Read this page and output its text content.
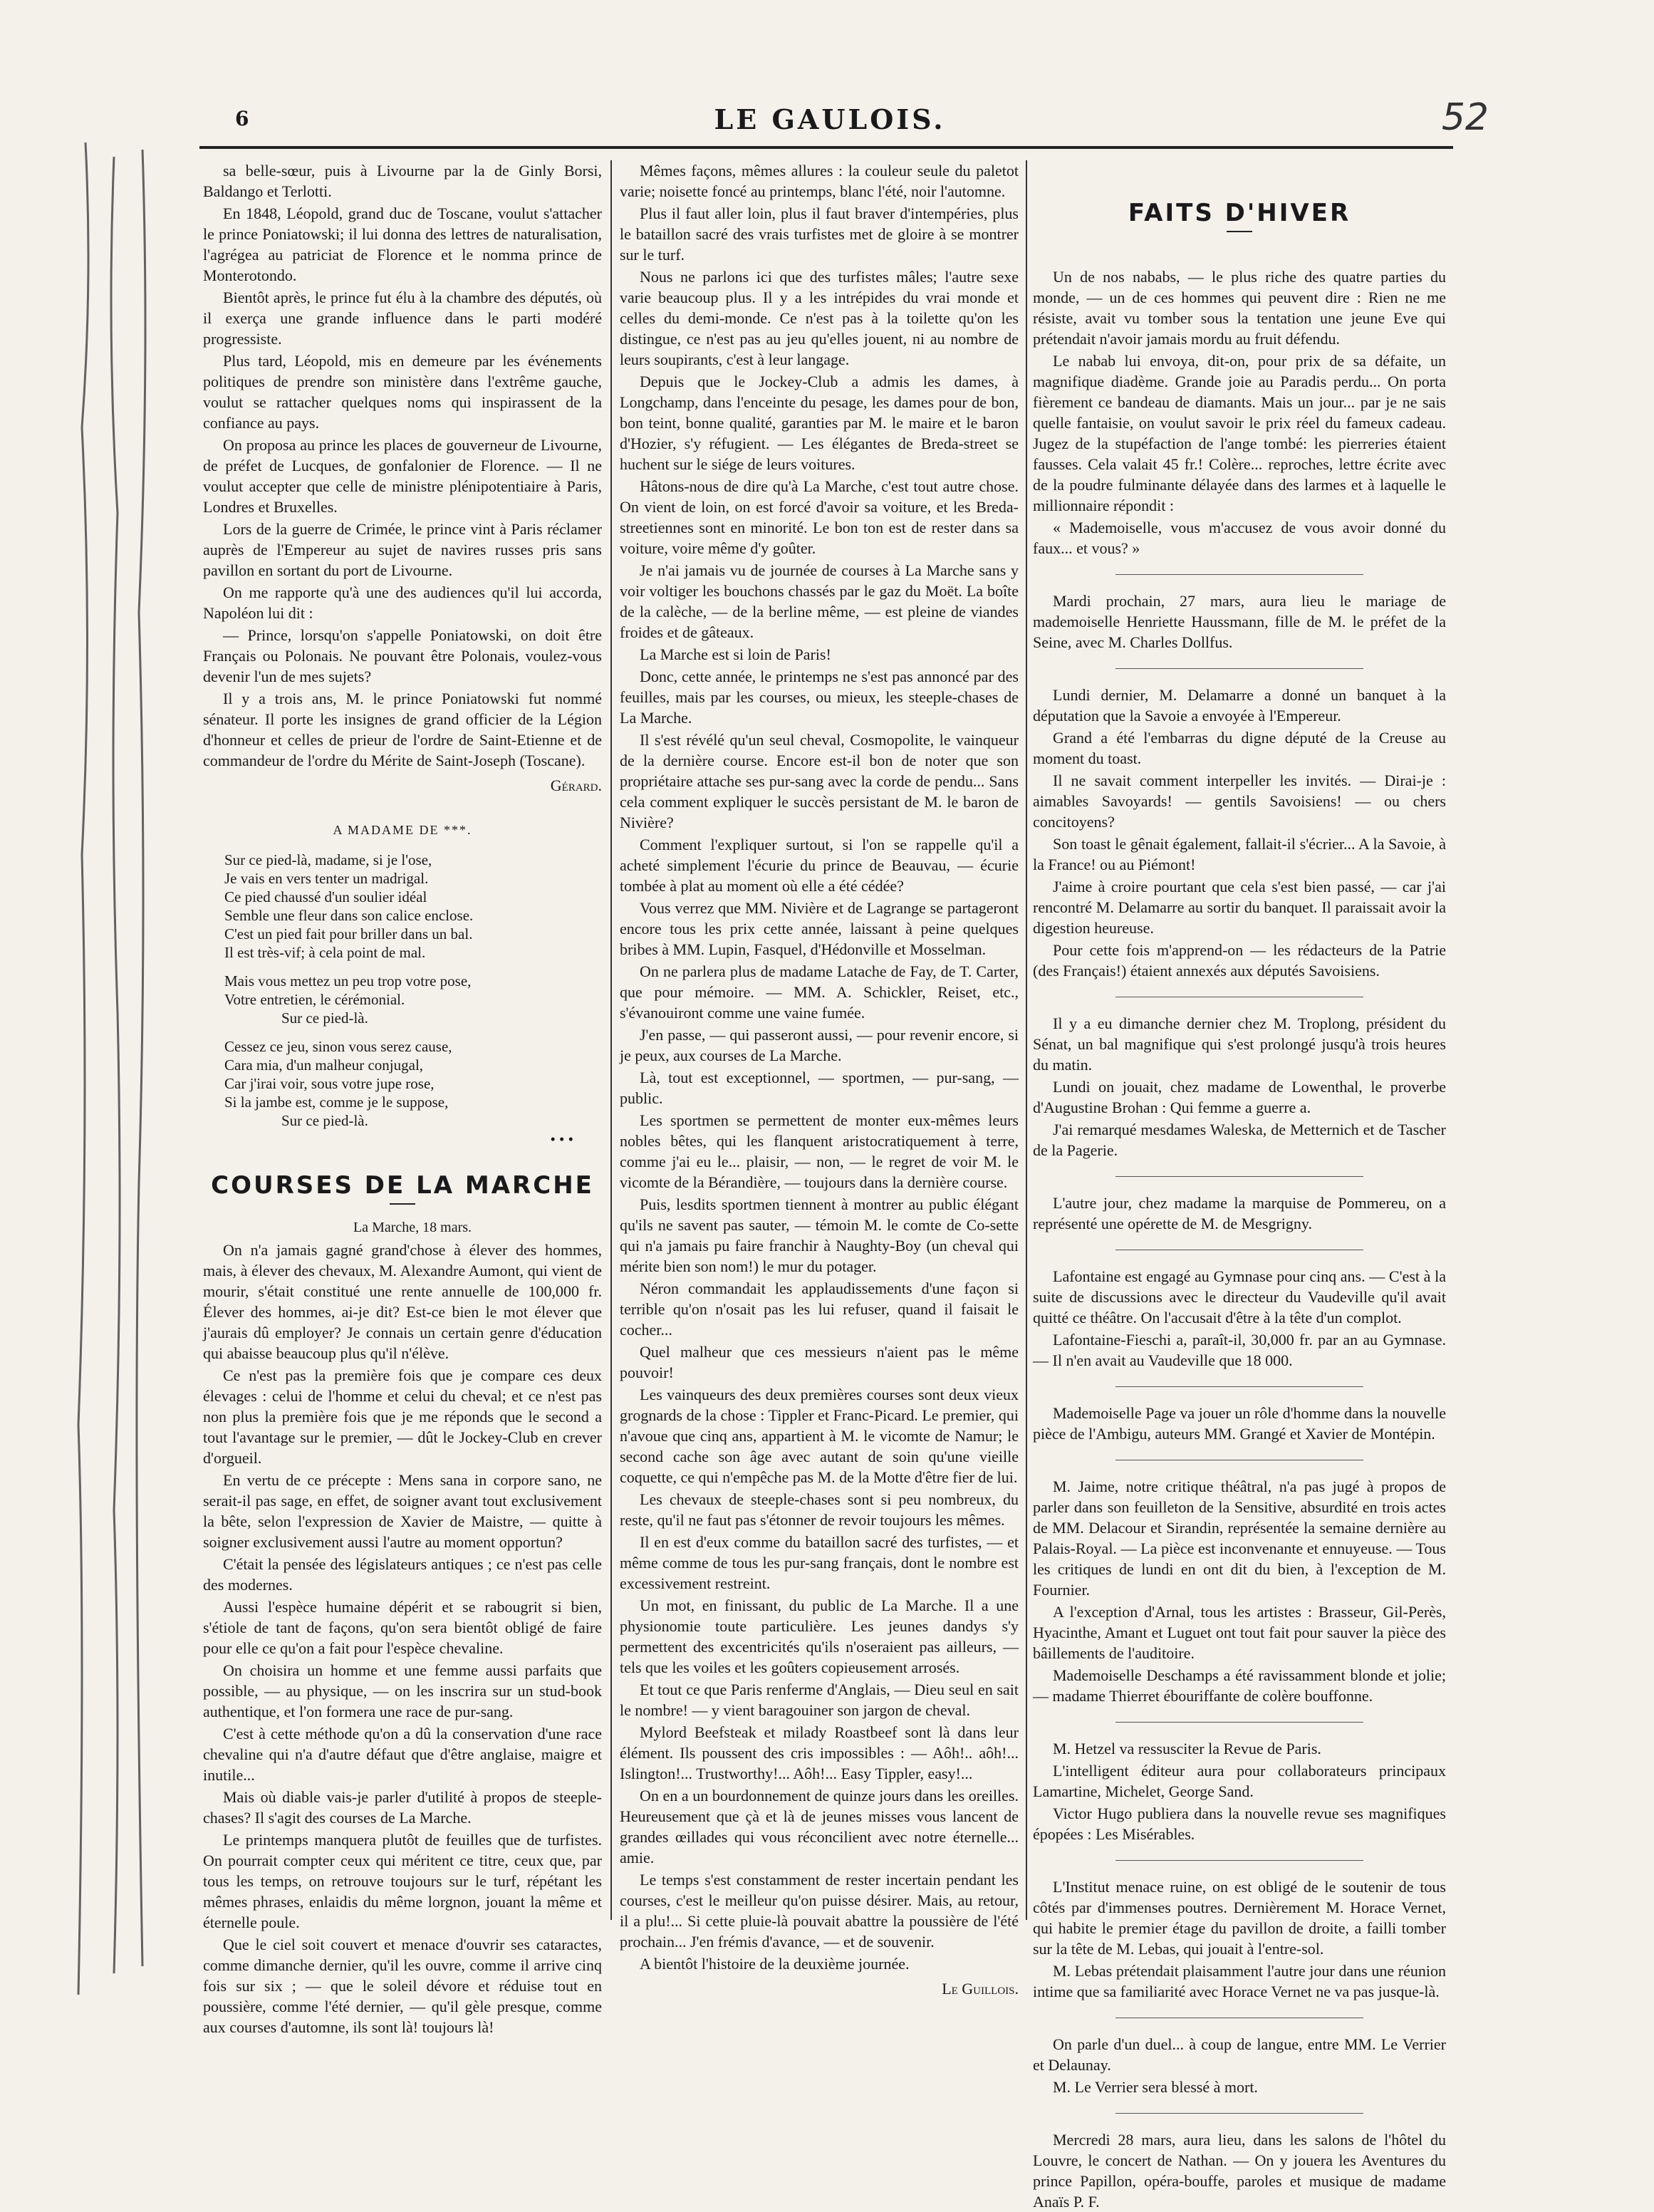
6	LE GAULOIS.	52

sa belle-sœur, puis à Livourne par la de Ginly Borsi, Baldango et Terlotti.

En 1848, Léopold, grand duc de Toscane, voulut s'attacher le prince Poniatowski; il lui donna des lettres de naturalisation, l'agrégea au patriciat de Florence et le nomma prince de Monterotondo.

Bientôt après, le prince fut élu à la chambre des députés, où il exerça une grande influence dans le parti modéré progressiste.

Plus tard, Léopold, mis en demeure par les événements politiques de prendre son ministère dans l'extrême gauche, voulut se rattacher quelques noms qui inspirassent de la confiance au pays.

On proposa au prince les places de gouverneur de Livourne, de préfet de Lucques, de gonfalonier de Florence. — Il ne voulut accepter que celle de ministre plénipotentiaire à Paris, Londres et Bruxelles.

Lors de la guerre de Crimée, le prince vint à Paris réclamer auprès de l'Empereur au sujet de navires russes pris sans pavillon en sortant du port de Livourne.

On me rapporte qu'à une des audiences qu'il lui accorda, Napoléon lui dit :

— Prince, lorsqu'on s'appelle Poniatowski, on doit être Français ou Polonais. Ne pouvant être Polonais, voulez-vous devenir l'un de mes sujets?

Il y a trois ans, M. le prince Poniatowski fut nommé sénateur. Il porte les insignes de grand officier de la Légion d'honneur et celles de prieur de l'ordre de Saint-Etienne et de commandeur de l'ordre du Mérite de Saint-Joseph (Toscane).

Gérard.

A MADAME DE ***.
Sur ce pied-là, madame, si je l'ose,
Je vais en vers tenter un madrigal.
Ce pied chaussé d'un soulier idéal
Semble une fleur dans son calice enclose.
C'est un pied fait pour briller dans un bal.
Il est très-vif; à cela point de mal.
Mais vous mettez un peu trop votre pose,
Votre entretien, le cérémonial.
Sur ce pied-là.
Cessez ce jeu, sinon vous serez cause,
Cara mia, d'un malheur conjugal,
Car j'irai voir, sous votre jupe rose,
Si la jambe est, comme je le suppose,
Sur ce pied-là.
• • •
COURSES DE LA MARCHE

La Marche, 18 mars.

On n'a jamais gagné grand'chose à élever des hommes, mais, à élever des chevaux, M. Alexandre Aumont, qui vient de mourir, s'était constitué une rente annuelle de 100,000 fr. Élever des hommes, ai-je dit? Est-ce bien le mot élever que j'aurais dû employer? Je connais un certain genre d'éducation qui abaisse beaucoup plus qu'il n'élève.

Ce n'est pas la première fois que je compare ces deux élevages : celui de l'homme et celui du cheval; et ce n'est pas non plus la première fois que je me réponds que le second a tout l'avantage sur le premier, — dût le Jockey-Club en crever d'orgueil.

En vertu de ce précepte : Mens sana in corpore sano, ne serait-il pas sage, en effet, de soigner avant tout exclusivement la bête, selon l'expression de Xavier de Maistre, — quitte à soigner exclusivement aussi l'autre au moment opportun?

C'était la pensée des législateurs antiques ; ce n'est pas celle des modernes.

Aussi l'espèce humaine dépérit et se rabougrit si bien, s'étiole de tant de façons, qu'on sera bientôt obligé de faire pour elle ce qu'on a fait pour l'espèce chevaline.

On choisira un homme et une femme aussi parfaits que possible, — au physique, — on les inscrira sur un stud-book authentique, et l'on formera une race de pur-sang.

C'est à cette méthode qu'on a dû la conservation d'une race chevaline qui n'a d'autre défaut que d'être anglaise, maigre et inutile...

Mais où diable vais-je parler d'utilité à propos de steeple-chases? Il s'agit des courses de La Marche.

Le printemps manquera plutôt de feuilles que de turfistes. On pourrait compter ceux qui méritent ce titre, ceux que, par tous les temps, on retrouve toujours sur le turf, répétant les mêmes phrases, enlaidis du même lorgnon, jouant la même et éternelle poule.

Que le ciel soit couvert et menace d'ouvrir ses cataractes, comme dimanche dernier, qu'il les ouvre, comme il arrive cinq fois sur six ; — que le soleil dévore et réduise tout en poussière, comme l'été dernier, — qu'il gèle presque, comme aux courses d'automne, ils sont là! toujours là!

Mêmes façons, mêmes allures : la couleur seule du paletot varie; noisette foncé au printemps, blanc l'été, noir l'automne.

Plus il faut aller loin, plus il faut braver d'intempéries, plus le bataillon sacré des vrais turfistes met de gloire à se montrer sur le turf.

Nous ne parlons ici que des turfistes mâles; l'autre sexe varie beaucoup plus. Il y a les intrépides du vrai monde et celles du demi-monde. Ce n'est pas à la toilette qu'on les distingue, ce n'est pas au jeu qu'elles jouent, ni au nombre de leurs soupirants, c'est à leur langage.

Depuis que le Jockey-Club a admis les dames, à Longchamp, dans l'enceinte du pesage, les dames pour de bon, bon teint, bonne qualité, garanties par M. le maire et le baron d'Hozier, s'y réfugient. — Les élégantes de Breda-street se huchent sur le siége de leurs voitures.

Hâtons-nous de dire qu'à La Marche, c'est tout autre chose. On vient de loin, on est forcé d'avoir sa voiture, et les Breda-streetiennes sont en minorité. Le bon ton est de rester dans sa voiture, voire même d'y goûter.

Je n'ai jamais vu de journée de courses à La Marche sans y voir voltiger les bouchons chassés par le gaz du Moët. La boîte de la calèche, — de la berline même, — est pleine de viandes froides et de gâteaux.

La Marche est si loin de Paris!

Donc, cette année, le printemps ne s'est pas annoncé par des feuilles, mais par les courses, ou mieux, les steeple-chases de La Marche.

Il s'est révélé qu'un seul cheval, Cosmopolite, le vainqueur de la dernière course. Encore est-il bon de noter que son propriétaire attache ses pur-sang avec la corde de pendu... Sans cela comment expliquer le succès persistant de M. le baron de Nivière?

Comment l'expliquer surtout, si l'on se rappelle qu'il a acheté simplement l'écurie du prince de Beauvau, — écurie tombée à plat au moment où elle a été cédée?

Vous verrez que MM. Nivière et de Lagrange se partageront encore tous les prix cette année, laissant à peine quelques bribes à MM. Lupin, Fasquel, d'Hédonville et Mosselman.

On ne parlera plus de madame Latache de Fay, de T. Carter, que pour mémoire. — MM. A. Schickler, Reiset, etc., s'évanouiront comme une vaine fumée.

J'en passe, — qui passeront aussi, — pour revenir encore, si je peux, aux courses de La Marche.

Là, tout est exceptionnel, — sportmen, — pur-sang, — public.

Les sportmen se permettent de monter eux-mêmes leurs nobles bêtes, qui les flanquent aristocratiquement à terre, comme j'ai eu le... plaisir, — non, — le regret de voir M. le vicomte de la Bérandière, — toujours dans la dernière course.

Puis, lesdits sportmen tiennent à montrer au public élégant qu'ils ne savent pas sauter, — témoin M. le comte de Co-sette qui n'a jamais pu faire franchir à Naughty-Boy (un cheval qui mérite bien son nom!) le mur du potager.

Néron commandait les applaudissements d'une façon si terrible qu'on n'osait pas les lui refuser, quand il faisait le cocher...

Quel malheur que ces messieurs n'aient pas le même pouvoir!

Les vainqueurs des deux premières courses sont deux vieux grognards de la chose : Tippler et Franc-Picard. Le premier, qui n'avoue que cinq ans, appartient à M. le vicomte de Namur; le second cache son âge avec autant de soin qu'une vieille coquette, ce qui n'empêche pas M. de la Motte d'être fier de lui.

Les chevaux de steeple-chases sont si peu nombreux, du reste, qu'il ne faut pas s'étonner de revoir toujours les mêmes.

Il en est d'eux comme du bataillon sacré des turfistes, — et même comme de tous les pur-sang français, dont le nombre est excessivement restreint.

Un mot, en finissant, du public de La Marche. Il a une physionomie toute particulière. Les jeunes dandys s'y permettent des excentricités qu'ils n'oseraient pas ailleurs, — tels que les voiles et les goûters copieusement arrosés.

Et tout ce que Paris renferme d'Anglais, — Dieu seul en sait le nombre! — y vient baragouiner son jargon de cheval.

Mylord Beefsteak et milady Roastbeef sont là dans leur élément. Ils poussent des cris impossibles : — Aôh!.. aôh!... Islington!... Trustworthy!... Aôh!... Easy Tippler, easy!...

On en a un bourdonnement de quinze jours dans les oreilles. Heureusement que çà et là de jeunes misses vous lancent de grandes œillades qui vous réconcilient avec notre éternelle... amie.

Le temps s'est constamment de rester incertain pendant les courses, c'est le meilleur qu'on puisse désirer. Mais, au retour, il a plu!... Si cette pluie-là pouvait abattre la poussière de l'été prochain... J'en frémis d'avance, — et de souvenir.

A bientôt l'histoire de la deuxième journée.

Le Guillois.

FAITS D'HIVER

Un de nos nababs, — le plus riche des quatre parties du monde, — un de ces hommes qui peuvent dire : Rien ne me résiste, avait vu tomber sous la tentation une jeune Eve qui prétendait n'avoir jamais mordu au fruit défendu.

Le nabab lui envoya, dit-on, pour prix de sa défaite, un magnifique diadème. Grande joie au Paradis perdu... On porta fièrement ce bandeau de diamants. Mais un jour... par je ne sais quelle fantaisie, on voulut savoir le prix réel du fameux cadeau. Jugez de la stupéfaction de l'ange tombé: les pierreries étaient fausses. Cela valait 45 fr.! Colère... reproches, lettre écrite avec de la poudre fulminante délayée dans des larmes et à laquelle le millionnaire répondit :

« Mademoiselle, vous m'accusez de vous avoir donné du faux... et vous? »

Mardi prochain, 27 mars, aura lieu le mariage de mademoiselle Henriette Haussmann, fille de M. le préfet de la Seine, avec M. Charles Dollfus.

Lundi dernier, M. Delamarre a donné un banquet à la députation que la Savoie a envoyée à l'Empereur.

Grand a été l'embarras du digne député de la Creuse au moment du toast.

Il ne savait comment interpeller les invités. — Dirai-je : aimables Savoyards! — gentils Savoisiens! — ou chers concitoyens?

Son toast le gênait également, fallait-il s'écrier... A la Savoie, à la France! ou au Piémont!

J'aime à croire pourtant que cela s'est bien passé, — car j'ai rencontré M. Delamarre au sortir du banquet. Il paraissait avoir la digestion heureuse.

Pour cette fois m'apprend-on — les rédacteurs de la Patrie (des Français!) étaient annexés aux députés Savoisiens.

Il y a eu dimanche dernier chez M. Troplong, président du Sénat, un bal magnifique qui s'est prolongé jusqu'à trois heures du matin.

Lundi on jouait, chez madame de Lowenthal, le proverbe d'Augustine Brohan : Qui femme a guerre a.

J'ai remarqué mesdames Waleska, de Metternich et de Tascher de la Pagerie.

L'autre jour, chez madame la marquise de Pommereu, on a représenté une opérette de M. de Mesgrigny.

Lafontaine est engagé au Gymnase pour cinq ans. — C'est à la suite de discussions avec le directeur du Vaudeville qu'il avait quitté ce théâtre. On l'accusait d'être à la tête d'un complot.

Lafontaine-Fieschi a, paraît-il, 30,000 fr. par an au Gymnase. — Il n'en avait au Vaudeville que 18 000.

Mademoiselle Page va jouer un rôle d'homme dans la nouvelle pièce de l'Ambigu, auteurs MM. Grangé et Xavier de Montépin.

M. Jaime, notre critique théâtral, n'a pas jugé à propos de parler dans son feuilleton de la Sensitive, absurdité en trois actes de MM. Delacour et Sirandin, représentée la semaine dernière au Palais-Royal. — La pièce est inconvenante et ennuyeuse. — Tous les critiques de lundi en ont dit du bien, à l'exception de M. Fournier.

A l'exception d'Arnal, tous les artistes : Brasseur, Gil-Perès, Hyacinthe, Amant et Luguet ont tout fait pour sauver la pièce des bâillements de l'auditoire.

Mademoiselle Deschamps a été ravissamment blonde et jolie; — madame Thierret ébouriffante de colère bouffonne.

M. Hetzel va ressusciter la Revue de Paris.

L'intelligent éditeur aura pour collaborateurs principaux Lamartine, Michelet, George Sand.

Victor Hugo publiera dans la nouvelle revue ses magnifiques épopées : Les Misérables.

L'Institut menace ruine, on est obligé de le soutenir de tous côtés par d'immenses poutres. Dernièrement M. Horace Vernet, qui habite le premier étage du pavillon de droite, a failli tomber sur la tête de M. Lebas, qui jouait à l'entre-sol.

M. Lebas prétendait plaisamment l'autre jour dans une réunion intime que sa familiarité avec Horace Vernet ne va pas jusque-là.

On parle d'un duel... à coup de langue, entre MM. Le Verrier et Delaunay.

M. Le Verrier sera blessé à mort.

Mercredi 28 mars, aura lieu, dans les salons de l'hôtel du Louvre, le concert de Nathan. — On y jouera les Aventures du prince Papillon, opéra-bouffe, paroles et musique de madame Anaïs P. F.
